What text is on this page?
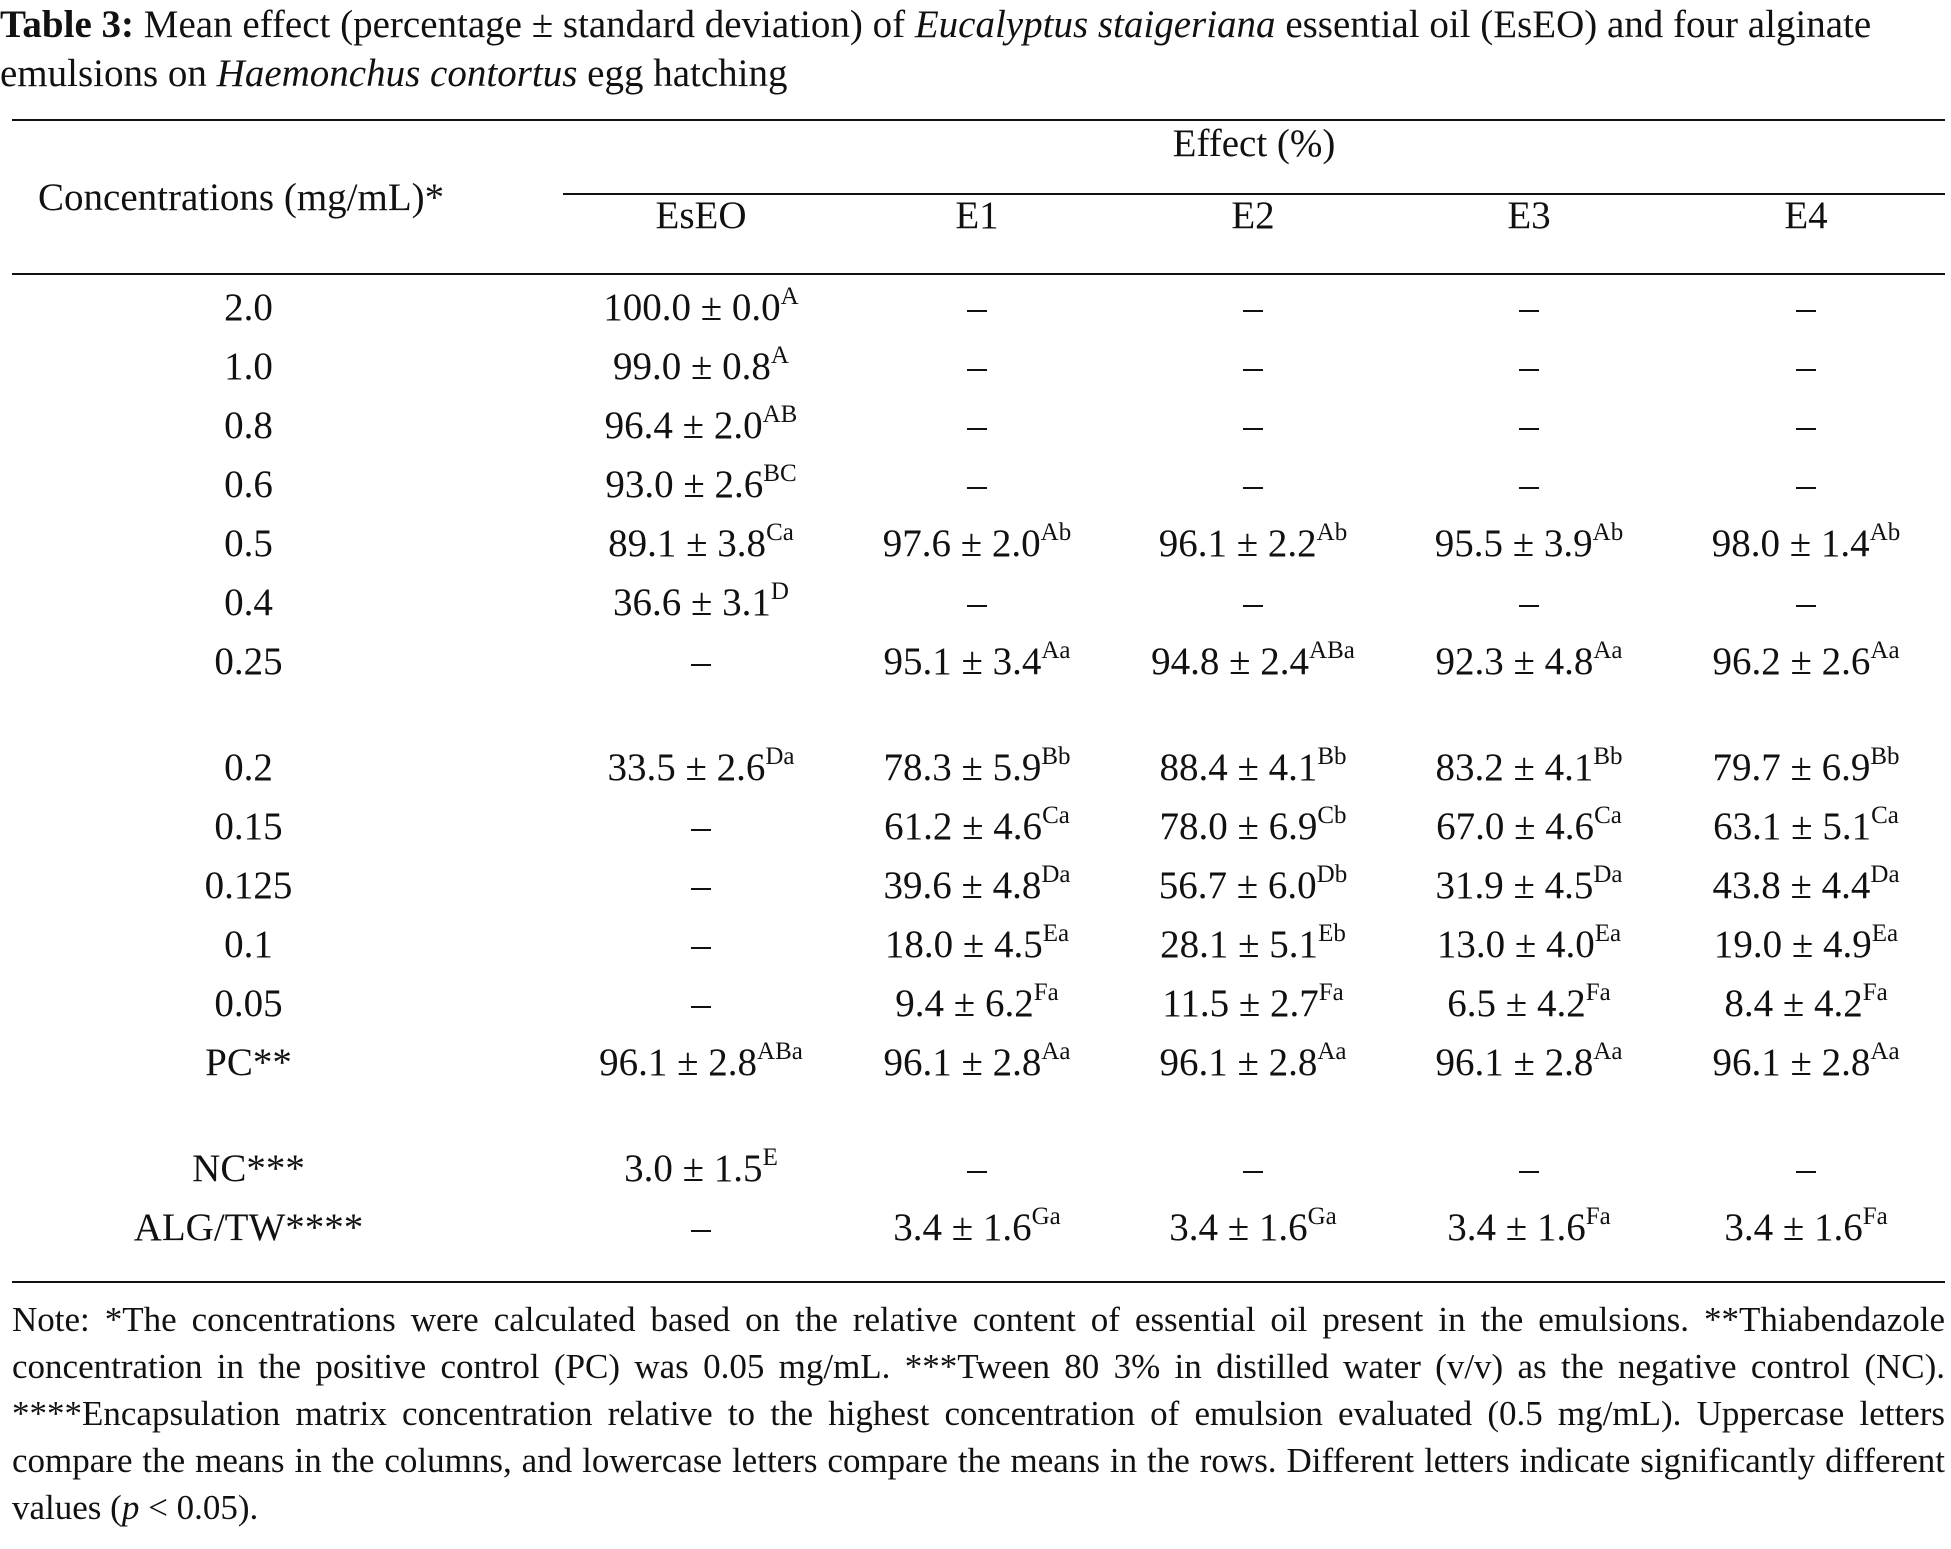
Table 3: Mean effect (percentage ± standard deviation) of Eucalyptus staigeriana essential oil (EsEO) and four alginate emulsions on Haemonchus contortus egg hatching
Concentrations (mg/mL)*	Effect (%)				
	EsEO	E1	E2	E3	E4
2.0	$100.0 \pm 0.0^A$	–	–	–	–
1.0	$99.0 \pm 0.8^A$	–	–	–	–
0.8	$96.4 \pm 2.0^{AB}$	–	–	–	–
0.6	$93.0 \pm 2.6^{BC}$	–	–	–	–
0.5	$89.1 \pm 3.8^{Ca}$	$97.6 \pm 2.0^{Ab}$	$96.1 \pm 2.2^{Ab}$	$95.5 \pm 3.9^{Ab}$	$98.0 \pm 1.4^{Ab}$
0.4	$36.6 \pm 3.1^D$	–	–	–	–
0.25	–	$95.1 \pm 3.4^{Aa}$	$94.8 \pm 2.4^{ABa}$	$92.3 \pm 4.8^{Aa}$	$96.2 \pm 2.6^{Aa}$
0.2	$33.5 \pm 2.6^{Da}$	$78.3 \pm 5.9^{Bb}$	$88.4 \pm 4.1^{Bb}$	$83.2 \pm 4.1^{Bb}$	$79.7 \pm 6.9^{Bb}$
0.15	–	$61.2 \pm 4.6^{Ca}$	$78.0 \pm 6.9^{Cb}$	$67.0 \pm 4.6^{Ca}$	$63.1 \pm 5.1^{Ca}$
0.125	–	$39.6 \pm 4.8^{Da}$	$56.7 \pm 6.0^{Db}$	$31.9 \pm 4.5^{Da}$	$43.8 \pm 4.4^{Da}$
0.1	–	$18.0 \pm 4.5^{Ea}$	$28.1 \pm 5.1^{Eb}$	$13.0 \pm 4.0^{Ea}$	$19.0 \pm 4.9^{Ea}$
0.05	–	$9.4 \pm 6.2^{Fa}$	$11.5 \pm 2.7^{Fa}$	$6.5 \pm 4.2^{Fa}$	$8.4 \pm 4.2^{Fa}$
PC**	$96.1 \pm 2.8^{ABa}$	$96.1 \pm 2.8^{Aa}$	$96.1 \pm 2.8^{Aa}$	$96.1 \pm 2.8^{Aa}$	$96.1 \pm 2.8^{Aa}$
NC***	$3.0 \pm 1.5^E$	–	–	–	–
ALG/TW****	–	$3.4 \pm 1.6^{Ga}$	$3.4 \pm 1.6^{Ga}$	$3.4 \pm 1.6^{Fa}$	$3.4 \pm 1.6^{Fa}$
Note: *The concentrations were calculated based on the relative content of essential oil present in the emulsions. **Thiabendazole concentration in the positive control (PC) was 0.05 mg/mL. ***Tween 80 3% in distilled water (v/v) as the negative control (NC). ****Encapsulation matrix concentration relative to the highest concentration of emulsion evaluated (0.5 mg/mL). Uppercase letters compare the means in the columns, and lowercase letters compare the means in the rows. Different letters indicate significantly different values (p < 0.05).
